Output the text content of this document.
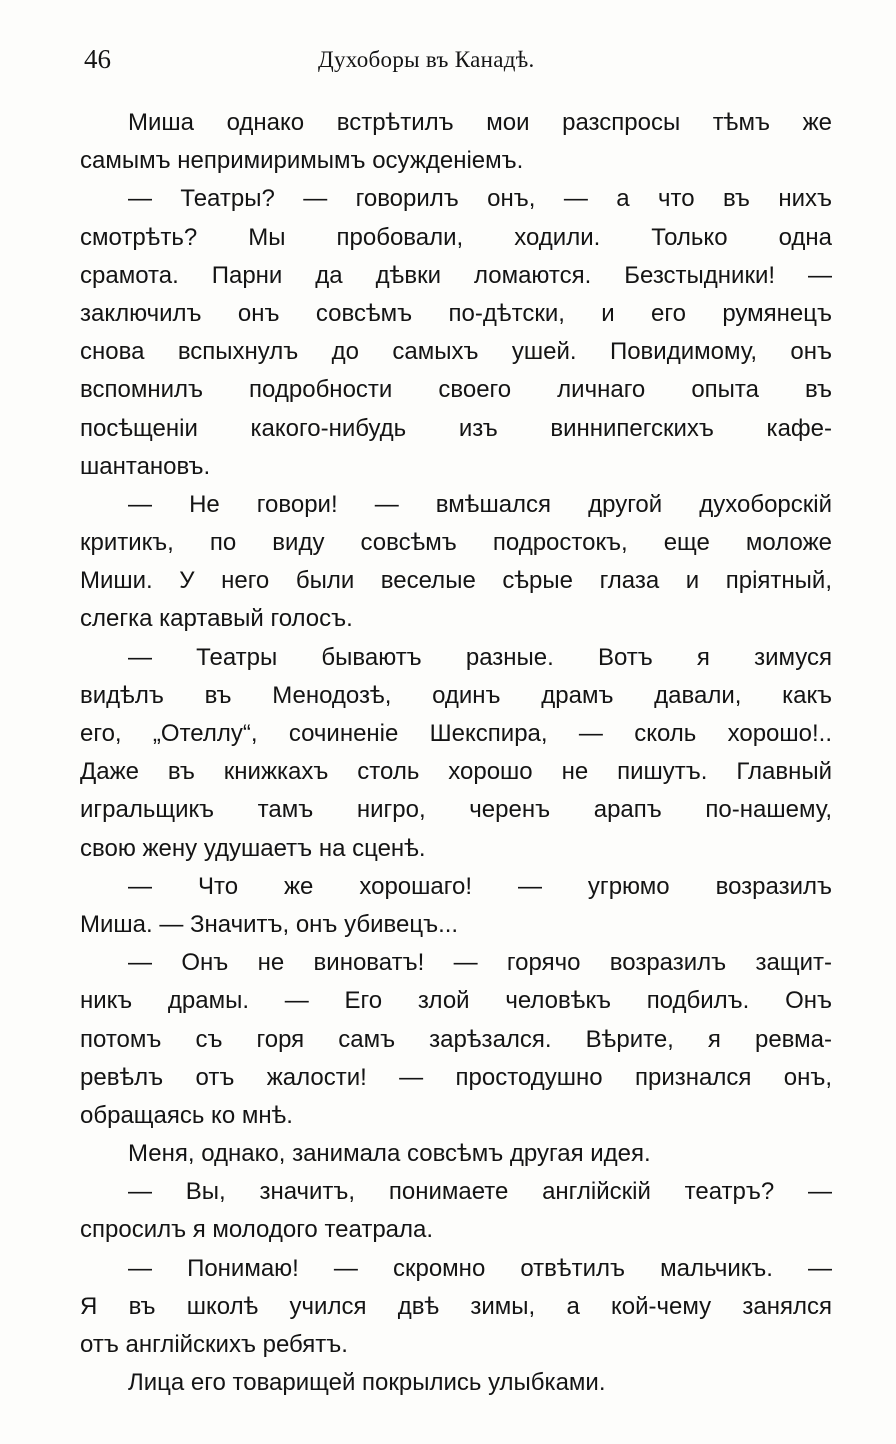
46	Духоборы въ Канадѣ.
Миша однако встрѣтилъ мои разспросы тѣмъ же
самымъ непримиримымъ осужденіемъ.
— Театры? — говорилъ онъ, — а что въ нихъ
смотрѣть? Мы пробовали, ходили. Только одна
срамота. Парни да дѣвки ломаются. Безстыдники! —
заключилъ онъ совсѣмъ по-дѣтски, и его румянецъ
снова вспыхнулъ до самыхъ ушей. Повидимому, онъ
вспомнилъ подробности своего личнаго опыта въ
посѣщеніи какого-нибудь изъ виннипегскихъ кафе-
шантановъ.
— Не говори! — вмѣшался другой духоборскій
критикъ, по виду совсѣмъ подростокъ, еще моложе
Миши. У него были веселые сѣрые глаза и пріятный,
слегка картавый голосъ.
— Театры бываютъ разные. Вотъ я зимуся
видѣлъ въ Менодозѣ, одинъ драмъ давали, какъ
его, „Отеллу“, сочиненіе Шекспира, — сколь хорошо!..
Даже въ книжкахъ столь хорошо не пишутъ. Главный
игральщикъ тамъ нигро, черенъ арапъ по-нашему,
свою жену удушаетъ на сценѣ.
— Что же хорошаго! — угрюмо возразилъ
Миша. — Значитъ, онъ убивецъ...
— Онъ не виноватъ! — горячо возразилъ защит-
никъ драмы. — Его злой человѣкъ подбилъ. Онъ
потомъ съ горя самъ зарѣзался. Вѣрите, я ревма-
ревѣлъ отъ жалости! — простодушно признался онъ,
обращаясь ко мнѣ.
Меня, однако, занимала совсѣмъ другая идея.
— Вы, значитъ, понимаете англійскій театръ? —
спросилъ я молодого театрала.
— Понимаю! — скромно отвѣтилъ мальчикъ. —
Я въ школѣ учился двѣ зимы, а кой-чему занялся
отъ англійскихъ ребятъ.
Лица его товарищей покрылись улыбками.
